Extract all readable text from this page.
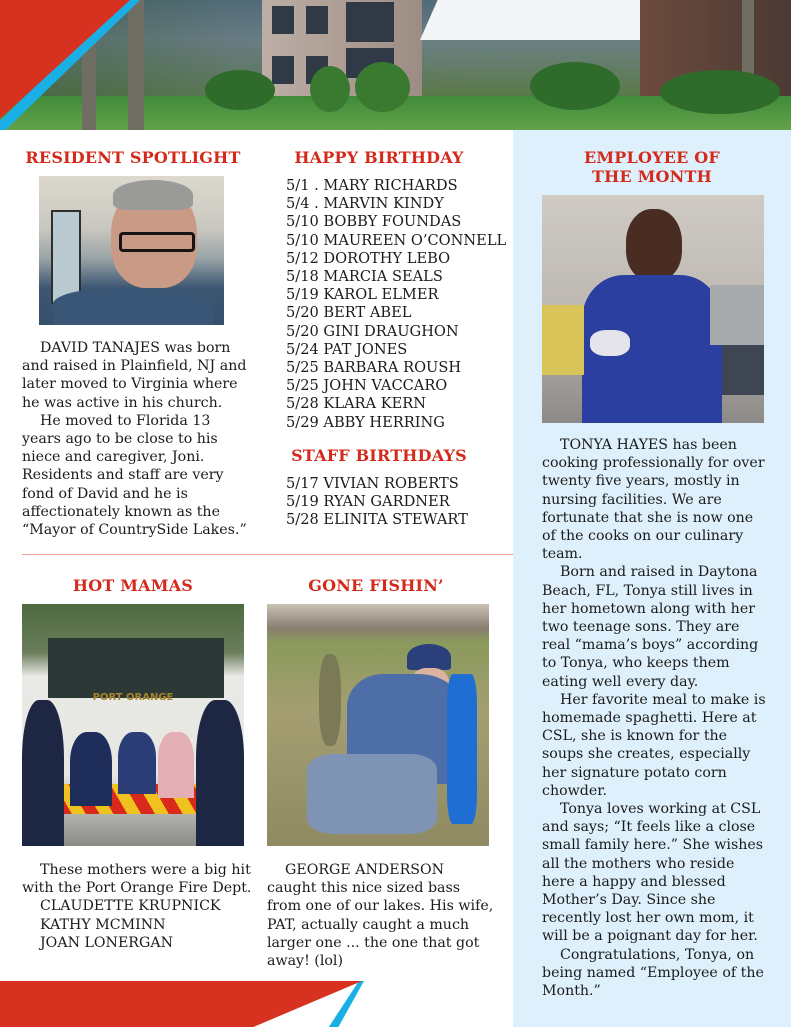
RESIDENT SPOTLIGHT

DAVID TANAJES was born and raised in Plainfield, NJ and later moved to Virginia where he was active in his church.

He moved to Florida 13 years ago to be close to his niece and caregiver, Joni. Residents and staff are very fond of David and he is affectionately known as the “Mayor of CountrySide Lakes.”

HAPPY BIRTHDAY
5/1 . MARY RICHARDS
5/4 . MARVIN KINDY
5/10 BOBBY FOUNDAS
5/10 MAUREEN O’CONNELL
5/12 DOROTHY LEBO
5/18 MARCIA SEALS
5/19 KAROL ELMER
5/20 BERT ABEL
5/20 GINI DRAUGHON
5/24 PAT JONES
5/25 BARBARA ROUSH
5/25 JOHN VACCARO
5/28 KLARA KERN
5/29 ABBY HERRING
STAFF BIRTHDAYS
5/17 VIVIAN ROBERTS
5/19 RYAN GARDNER
5/28 ELINITA STEWART
EMPLOYEE OF
THE MONTH

TONYA HAYES has been cooking professionally for over twenty five years, mostly in nursing facilities. We are fortunate that she is now one of the cooks on our culinary team.

Born and raised in Daytona Beach, FL, Tonya still lives in her hometown along with her two teenage sons. They are real “mama’s boys” according to Tonya, who keeps them eating well every day.

Her favorite meal to make is homemade spaghetti. Here at CSL, she is known for the soups she creates, especially her signature potato corn chowder.

Tonya loves working at CSL and says; “It feels like a close small family here.” She wishes all the mothers who reside here a happy and blessed Mother’s Day. Since she recently lost her own mom, it will be a poignant day for her.

Congratulations, Tonya, on being named “Employee of the Month.”

HOT MAMAS
PORT ORANGE

These mothers were a big hit with the Port Orange Fire Dept.

CLAUDETTE KRUPNICK

KATHY MCMINN

JOAN LONERGAN

GONE FISHIN’

GEORGE ANDERSON caught this nice sized bass from one of our lakes. His wife, PAT, actually caught a much larger one ... the one that got away! (lol)
